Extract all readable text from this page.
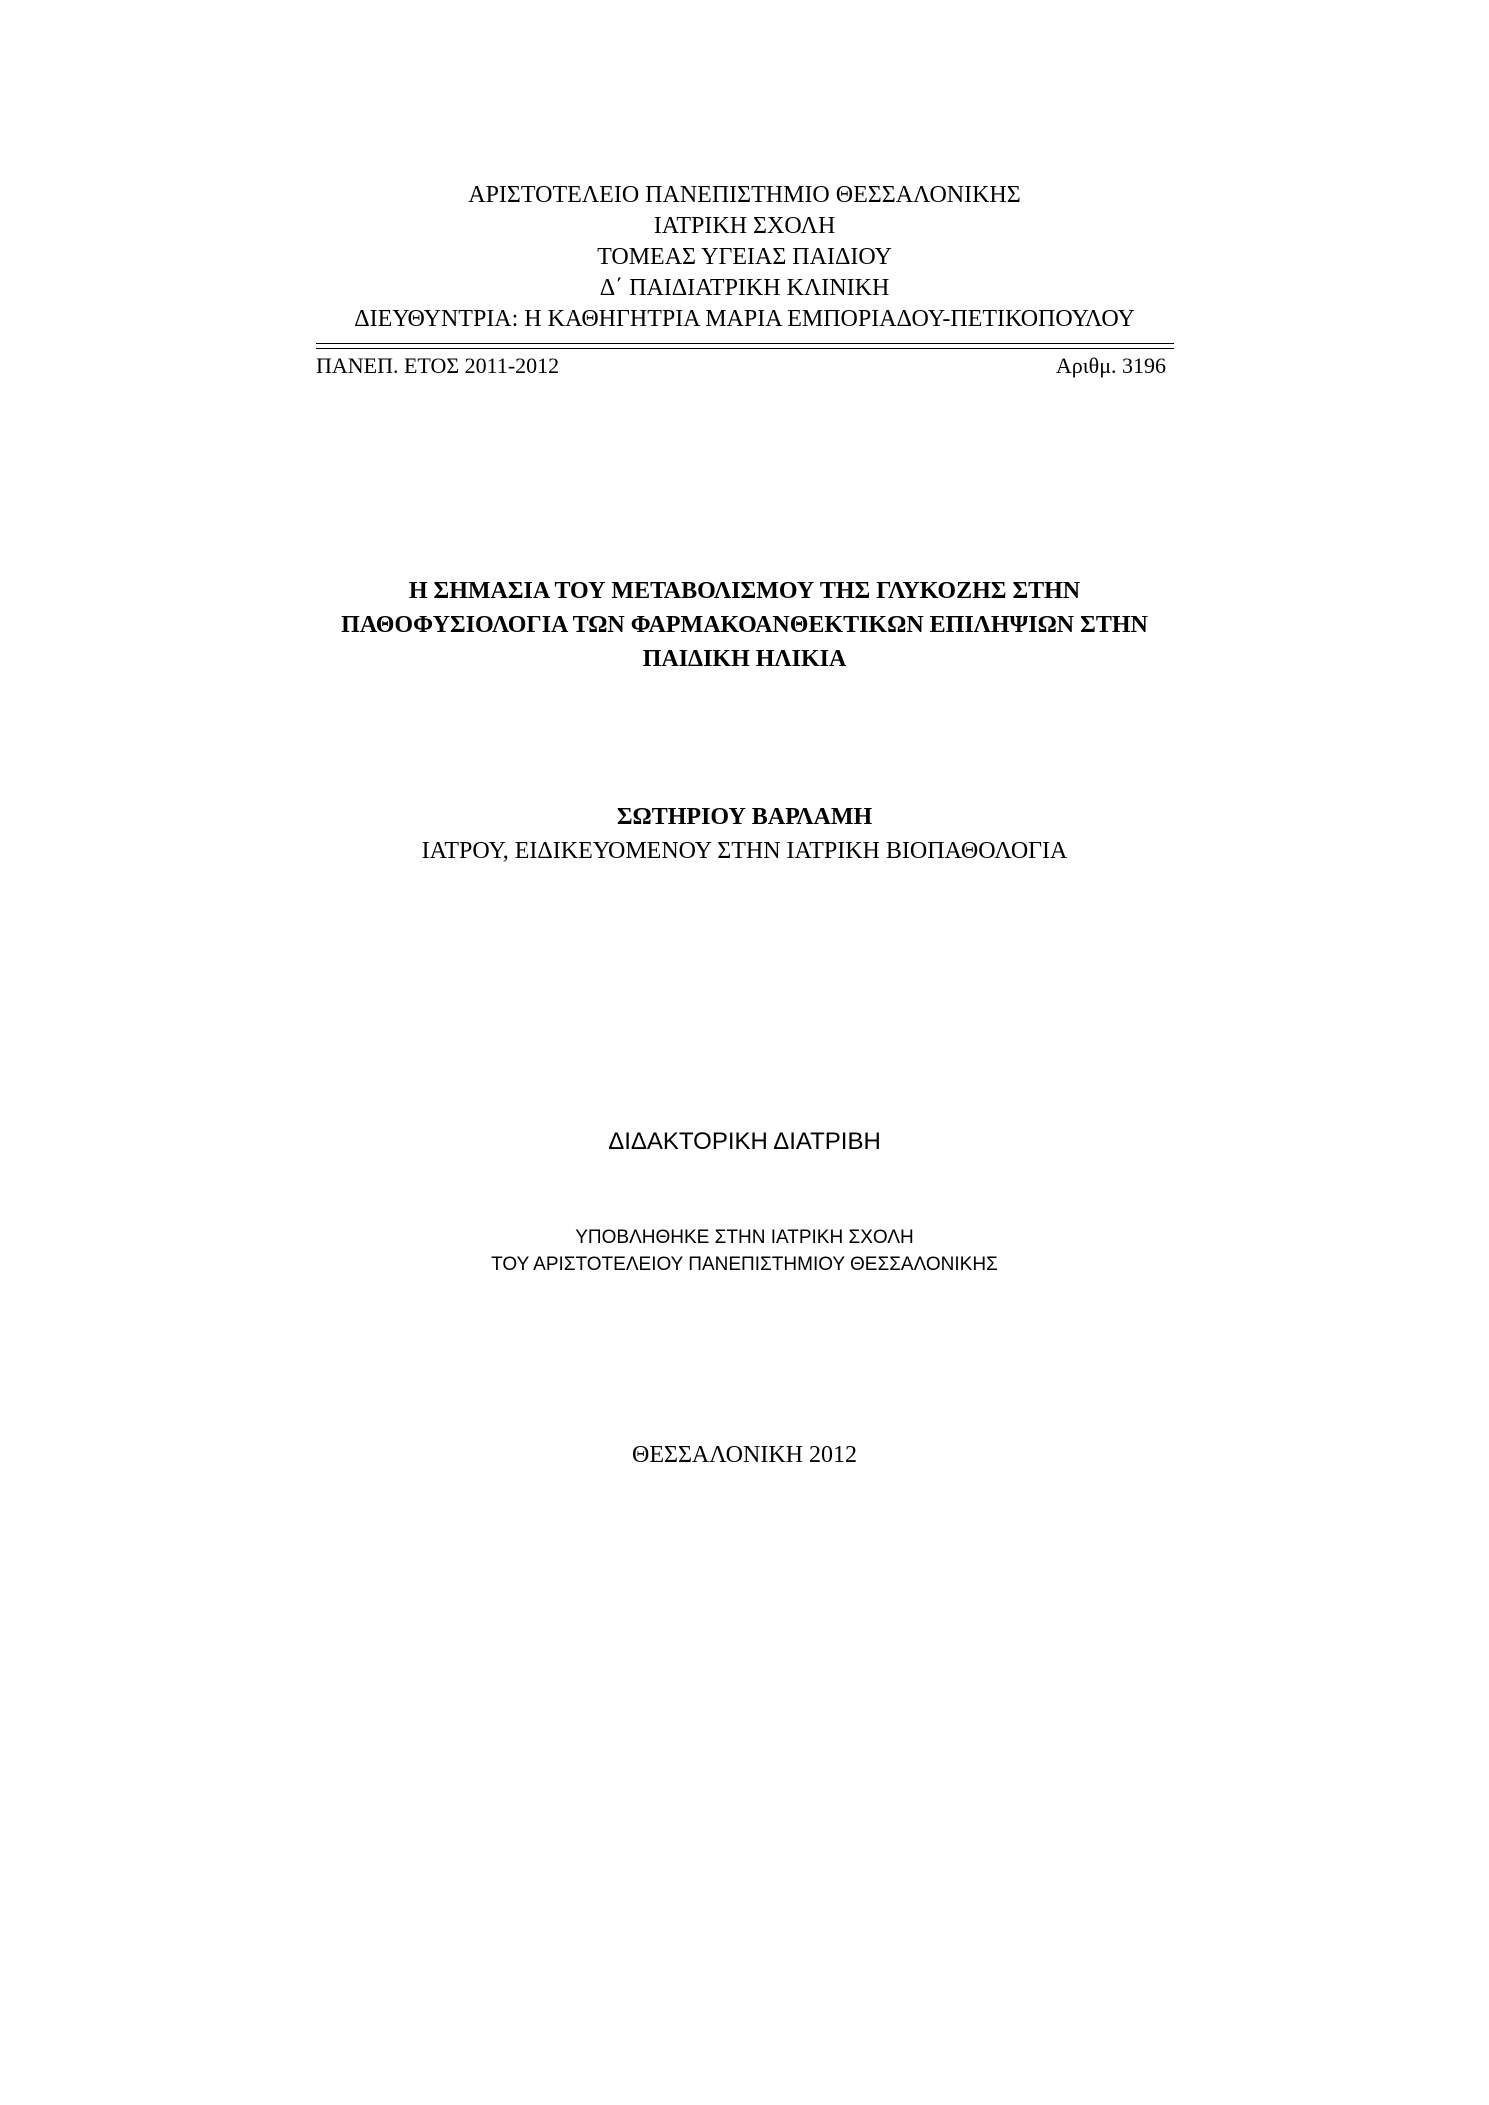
ΑΡΙΣΤΟΤΕΛΕΙΟ ΠΑΝΕΠΙΣΤΗΜΙΟ ΘΕΣΣΑΛΟΝΙΚΗΣ
ΙΑΤΡΙΚΗ ΣΧΟΛΗ
ΤΟΜΕΑΣ ΥΓΕΙΑΣ ΠΑΙΔΙΟΥ
Δ΄ ΠΑΙΔΙΑΤΡΙΚΗ ΚΛΙΝΙΚΗ
ΔΙΕΥΘΥΝΤΡΙΑ: Η ΚΑΘΗΓΗΤΡΙΑ ΜΑΡΙΑ ΕΜΠΟΡΙΑΔΟΥ-ΠΕΤΙΚΟΠΟΥΛΟΥ
ΠΑΝΕΠ. ΕΤΟΣ 2011-2012	Αριθμ. 3196
Η ΣΗΜΑΣΙΑ ΤΟΥ ΜΕΤΑΒΟΛΙΣΜΟΥ ΤΗΣ ΓΛΥΚΟΖΗΣ ΣΤΗΝ
ΠΑΘΟΦΥΣΙΟΛΟΓΙΑ ΤΩΝ ΦΑΡΜΑΚΟΑΝΘΕΚΤΙΚΩΝ ΕΠΙΛΗΨΙΩΝ ΣΤΗΝ
ΠΑΙΔΙΚΗ ΗΛΙΚΙΑ
ΣΩΤΗΡΙΟΥ ΒΑΡΛΑΜΗ
ΙΑΤΡΟΥ, ΕΙΔΙΚΕΥΟΜΕΝΟΥ ΣΤΗΝ ΙΑΤΡΙΚΗ ΒΙΟΠΑΘΟΛΟΓΙΑ
ΔΙΔΑΚΤΟΡΙΚΗ ΔΙΑΤΡΙΒΗ
ΥΠΟΒΛΗΘΗΚΕ ΣΤΗΝ ΙΑΤΡΙΚΗ ΣΧΟΛΗ
ΤΟΥ ΑΡΙΣΤΟΤΕΛΕΙΟΥ ΠΑΝΕΠΙΣΤΗΜΙΟΥ ΘΕΣΣΑΛΟΝΙΚΗΣ
ΘΕΣΣΑΛΟΝΙΚΗ 2012
